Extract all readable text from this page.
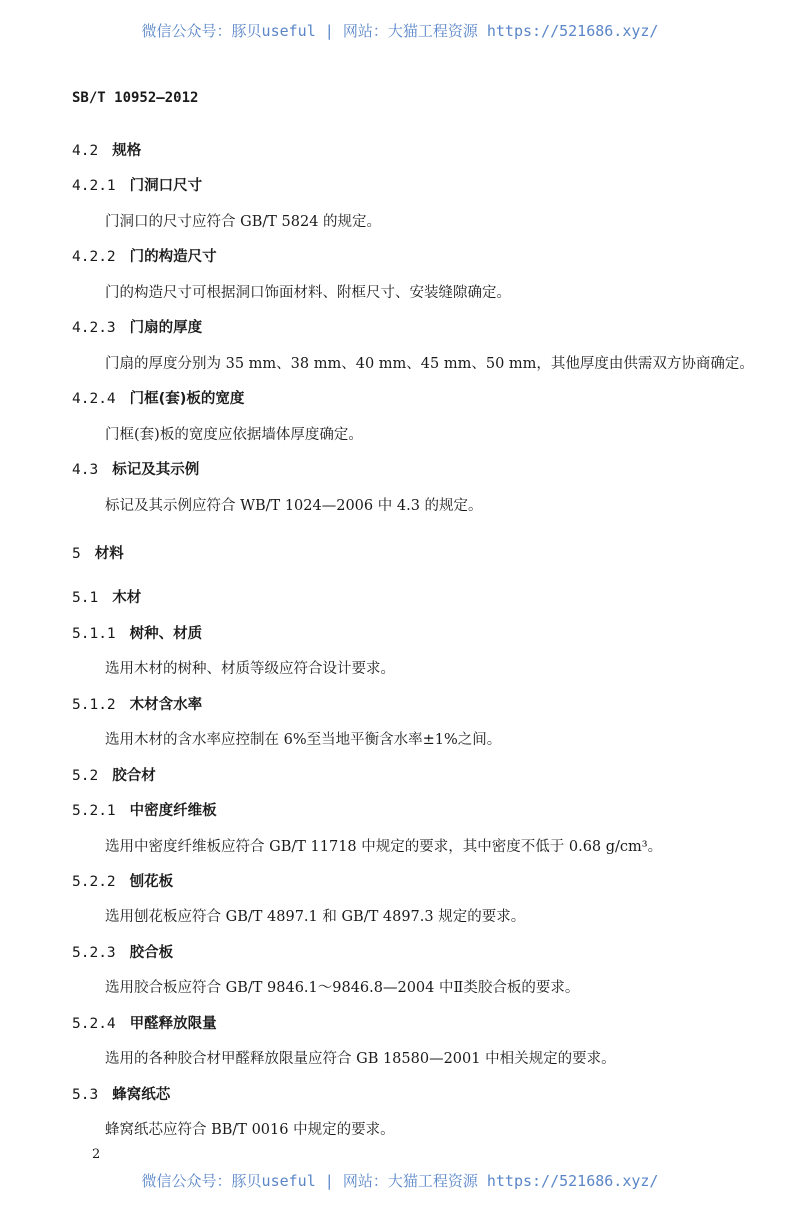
微信公众号：豚贝useful | 网站：大猫工程资源 https://521686.xyz/
SB/T 10952—2012
4.2 规格
4.2.1 门洞口尺寸
门洞口的尺寸应符合 GB/T 5824 的规定。
4.2.2 门的构造尺寸
门的构造尺寸可根据洞口饰面材料、附框尺寸、安装缝隙确定。
4.2.3 门扇的厚度
门扇的厚度分别为 35 mm、38 mm、40 mm、45 mm、50 mm，其他厚度由供需双方协商确定。
4.2.4 门框(套)板的宽度
门框(套)板的宽度应依据墙体厚度确定。
4.3 标记及其示例
标记及其示例应符合 WB/T 1024—2006 中 4.3 的规定。
5 材料
5.1 木材
5.1.1 树种、材质
选用木材的树种、材质等级应符合设计要求。
5.1.2 木材含水率
选用木材的含水率应控制在 6%至当地平衡含水率±1%之间。
5.2 胶合材
5.2.1 中密度纤维板
选用中密度纤维板应符合 GB/T 11718 中规定的要求，其中密度不低于 0.68 g/cm³。
5.2.2 刨花板
选用刨花板应符合 GB/T 4897.1 和 GB/T 4897.3 规定的要求。
5.2.3 胶合板
选用胶合板应符合 GB/T 9846.1～9846.8—2004 中Ⅱ类胶合板的要求。
5.2.4 甲醛释放限量
选用的各种胶合材甲醛释放限量应符合 GB 18580—2001 中相关规定的要求。
5.3 蜂窝纸芯
蜂窝纸芯应符合 BB/T 0016 中规定的要求。
2
微信公众号：豚贝useful | 网站：大猫工程资源 https://521686.xyz/
